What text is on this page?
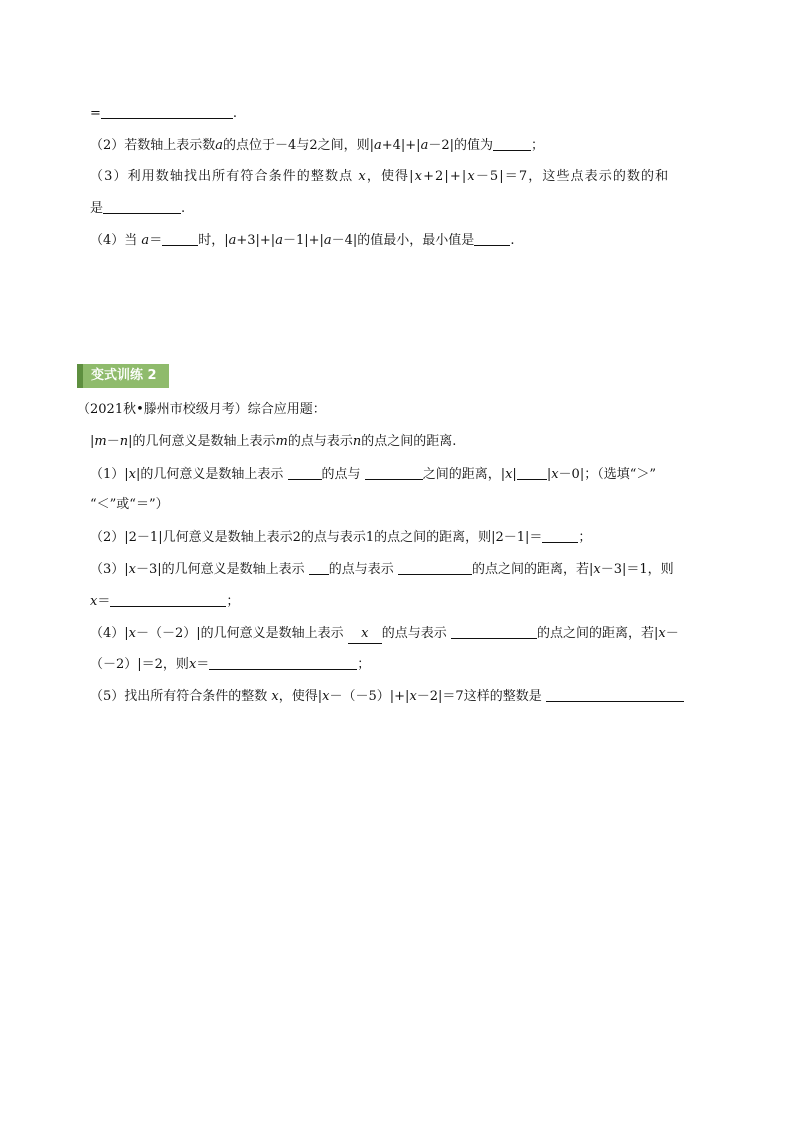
=	.
（2）若数轴上表示数a的点位于－4与2之间，则|a+4|+|a－2|的值为	；
（3）利用数轴找出所有符合条件的整数点 x，使得|x+2|+|x－5|＝7，这些点表示的数的和
是	.
（4）当 a＝	时，|a+3|+|a－1|+|a－4|的值最小，最小值是	.
变式训练 2
（2021秋•滕州市校级月考）综合应用题：
|m－n|的几何意义是数轴上表示m的点与表示n的点之间的距离.
（1）|x|的几何意义是数轴上表示	的点与	之间的距离，|x| |x－0|；（选填“＞”
“＜”或“＝”）
（2）|2－1|几何意义是数轴上表示2的点与表示1的点之间的距离，则|2－1|＝	；
（3）|x－3|的几何意义是数轴上表示 的点与表示	的点之间的距离，若|x－3|＝1，则
x＝	；
（4）|x－（－2）|的几何意义是数轴上表示 x 的点与表示	的点之间的距离，若|x－
（－2）|＝2，则x＝	；
（5）找出所有符合条件的整数 x，使得|x－（－5）|+|x－2|＝7这样的整数是
